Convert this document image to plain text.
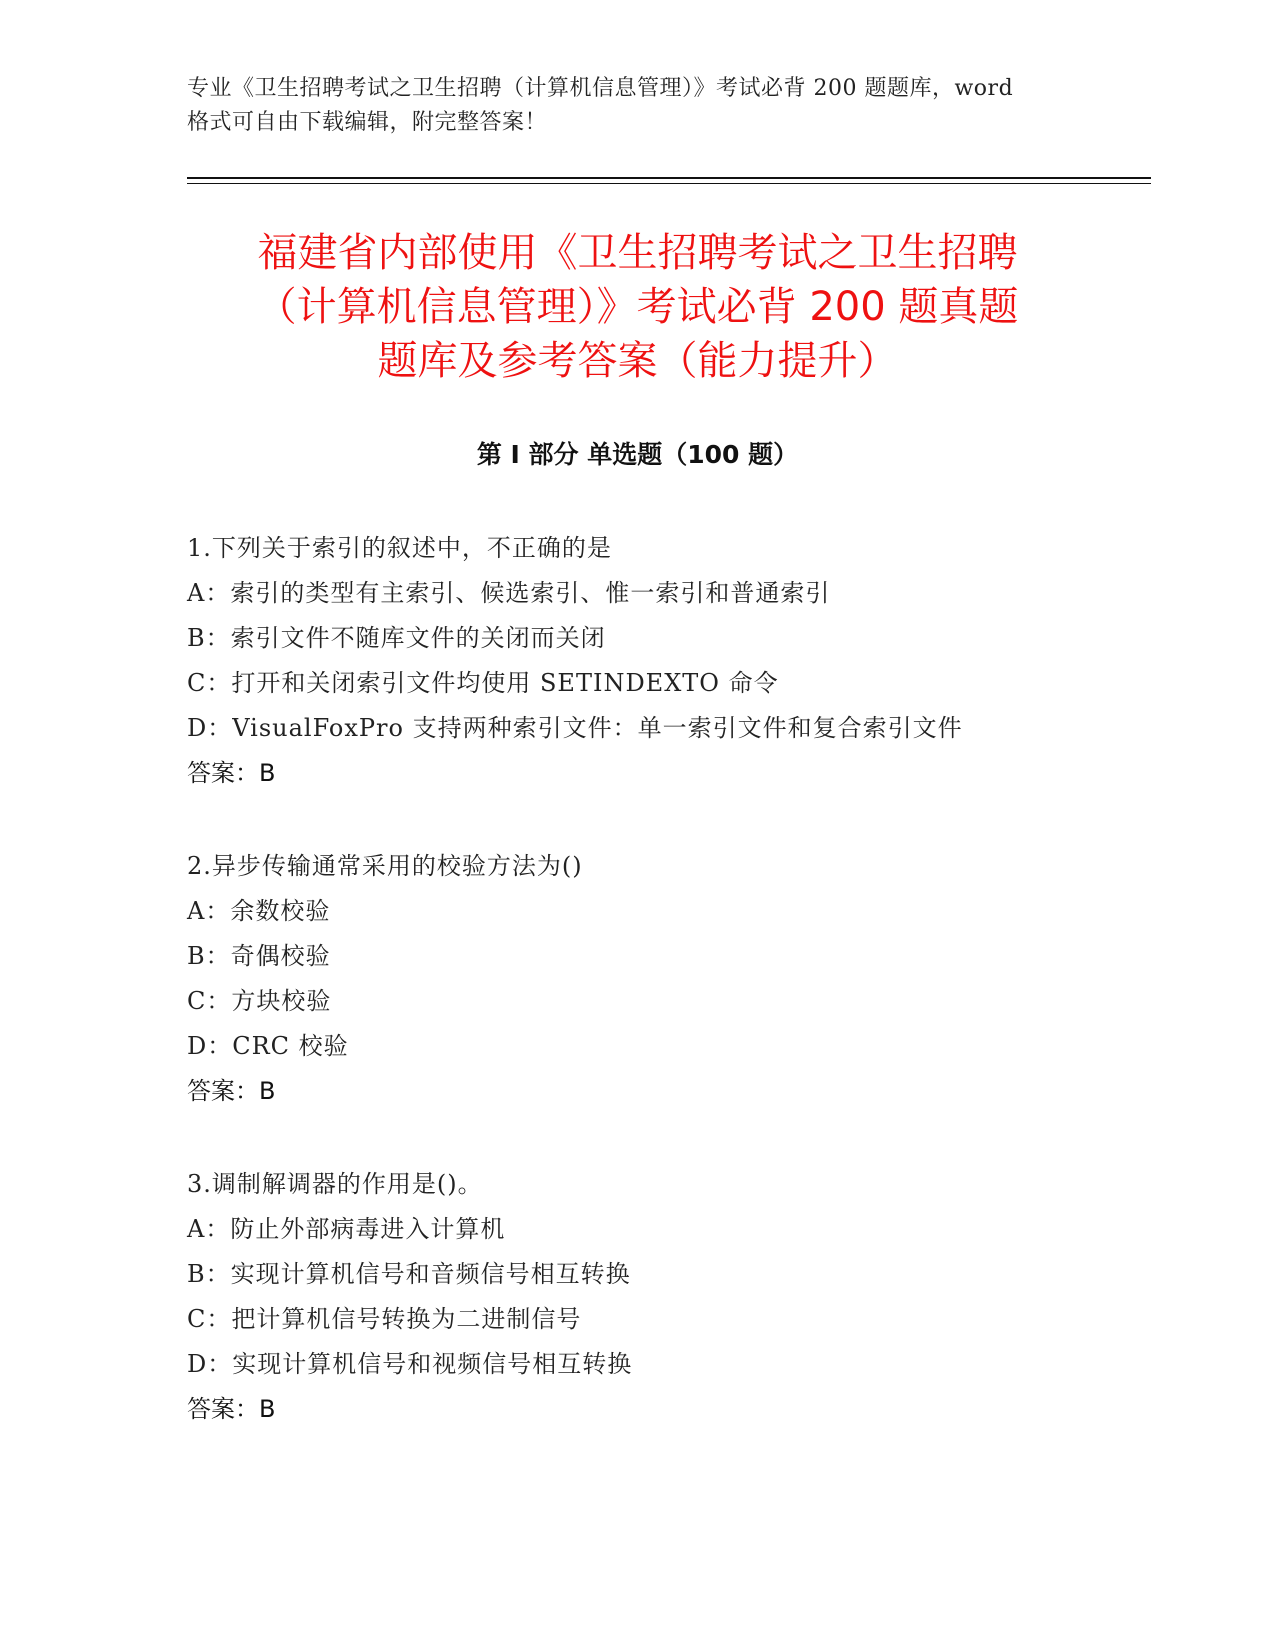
专业《卫生招聘考试之卫生招聘（计算机信息管理）》考试必背 200 题题库，word
格式可自由下载编辑，附完整答案！
福建省内部使用《卫生招聘考试之卫生招聘
（计算机信息管理）》考试必背 200 题真题
题库及参考答案（能力提升）
第 I 部分 单选题（100 题）
1.下列关于索引的叙述中，不正确的是
A：索引的类型有主索引、候选索引、惟一索引和普通索引
B：索引文件不随库文件的关闭而关闭
C：打开和关闭索引文件均使用 SETINDEXTO 命令
D：VisualFoxPro 支持两种索引文件：单一索引文件和复合索引文件
答案：B
2.异步传输通常采用的校验方法为()
A：余数校验
B：奇偶校验
C：方块校验
D：CRC 校验
答案：B
3.调制解调器的作用是()。
A：防止外部病毒进入计算机
B：实现计算机信号和音频信号相互转换
C：把计算机信号转换为二进制信号
D：实现计算机信号和视频信号相互转换
答案：B
